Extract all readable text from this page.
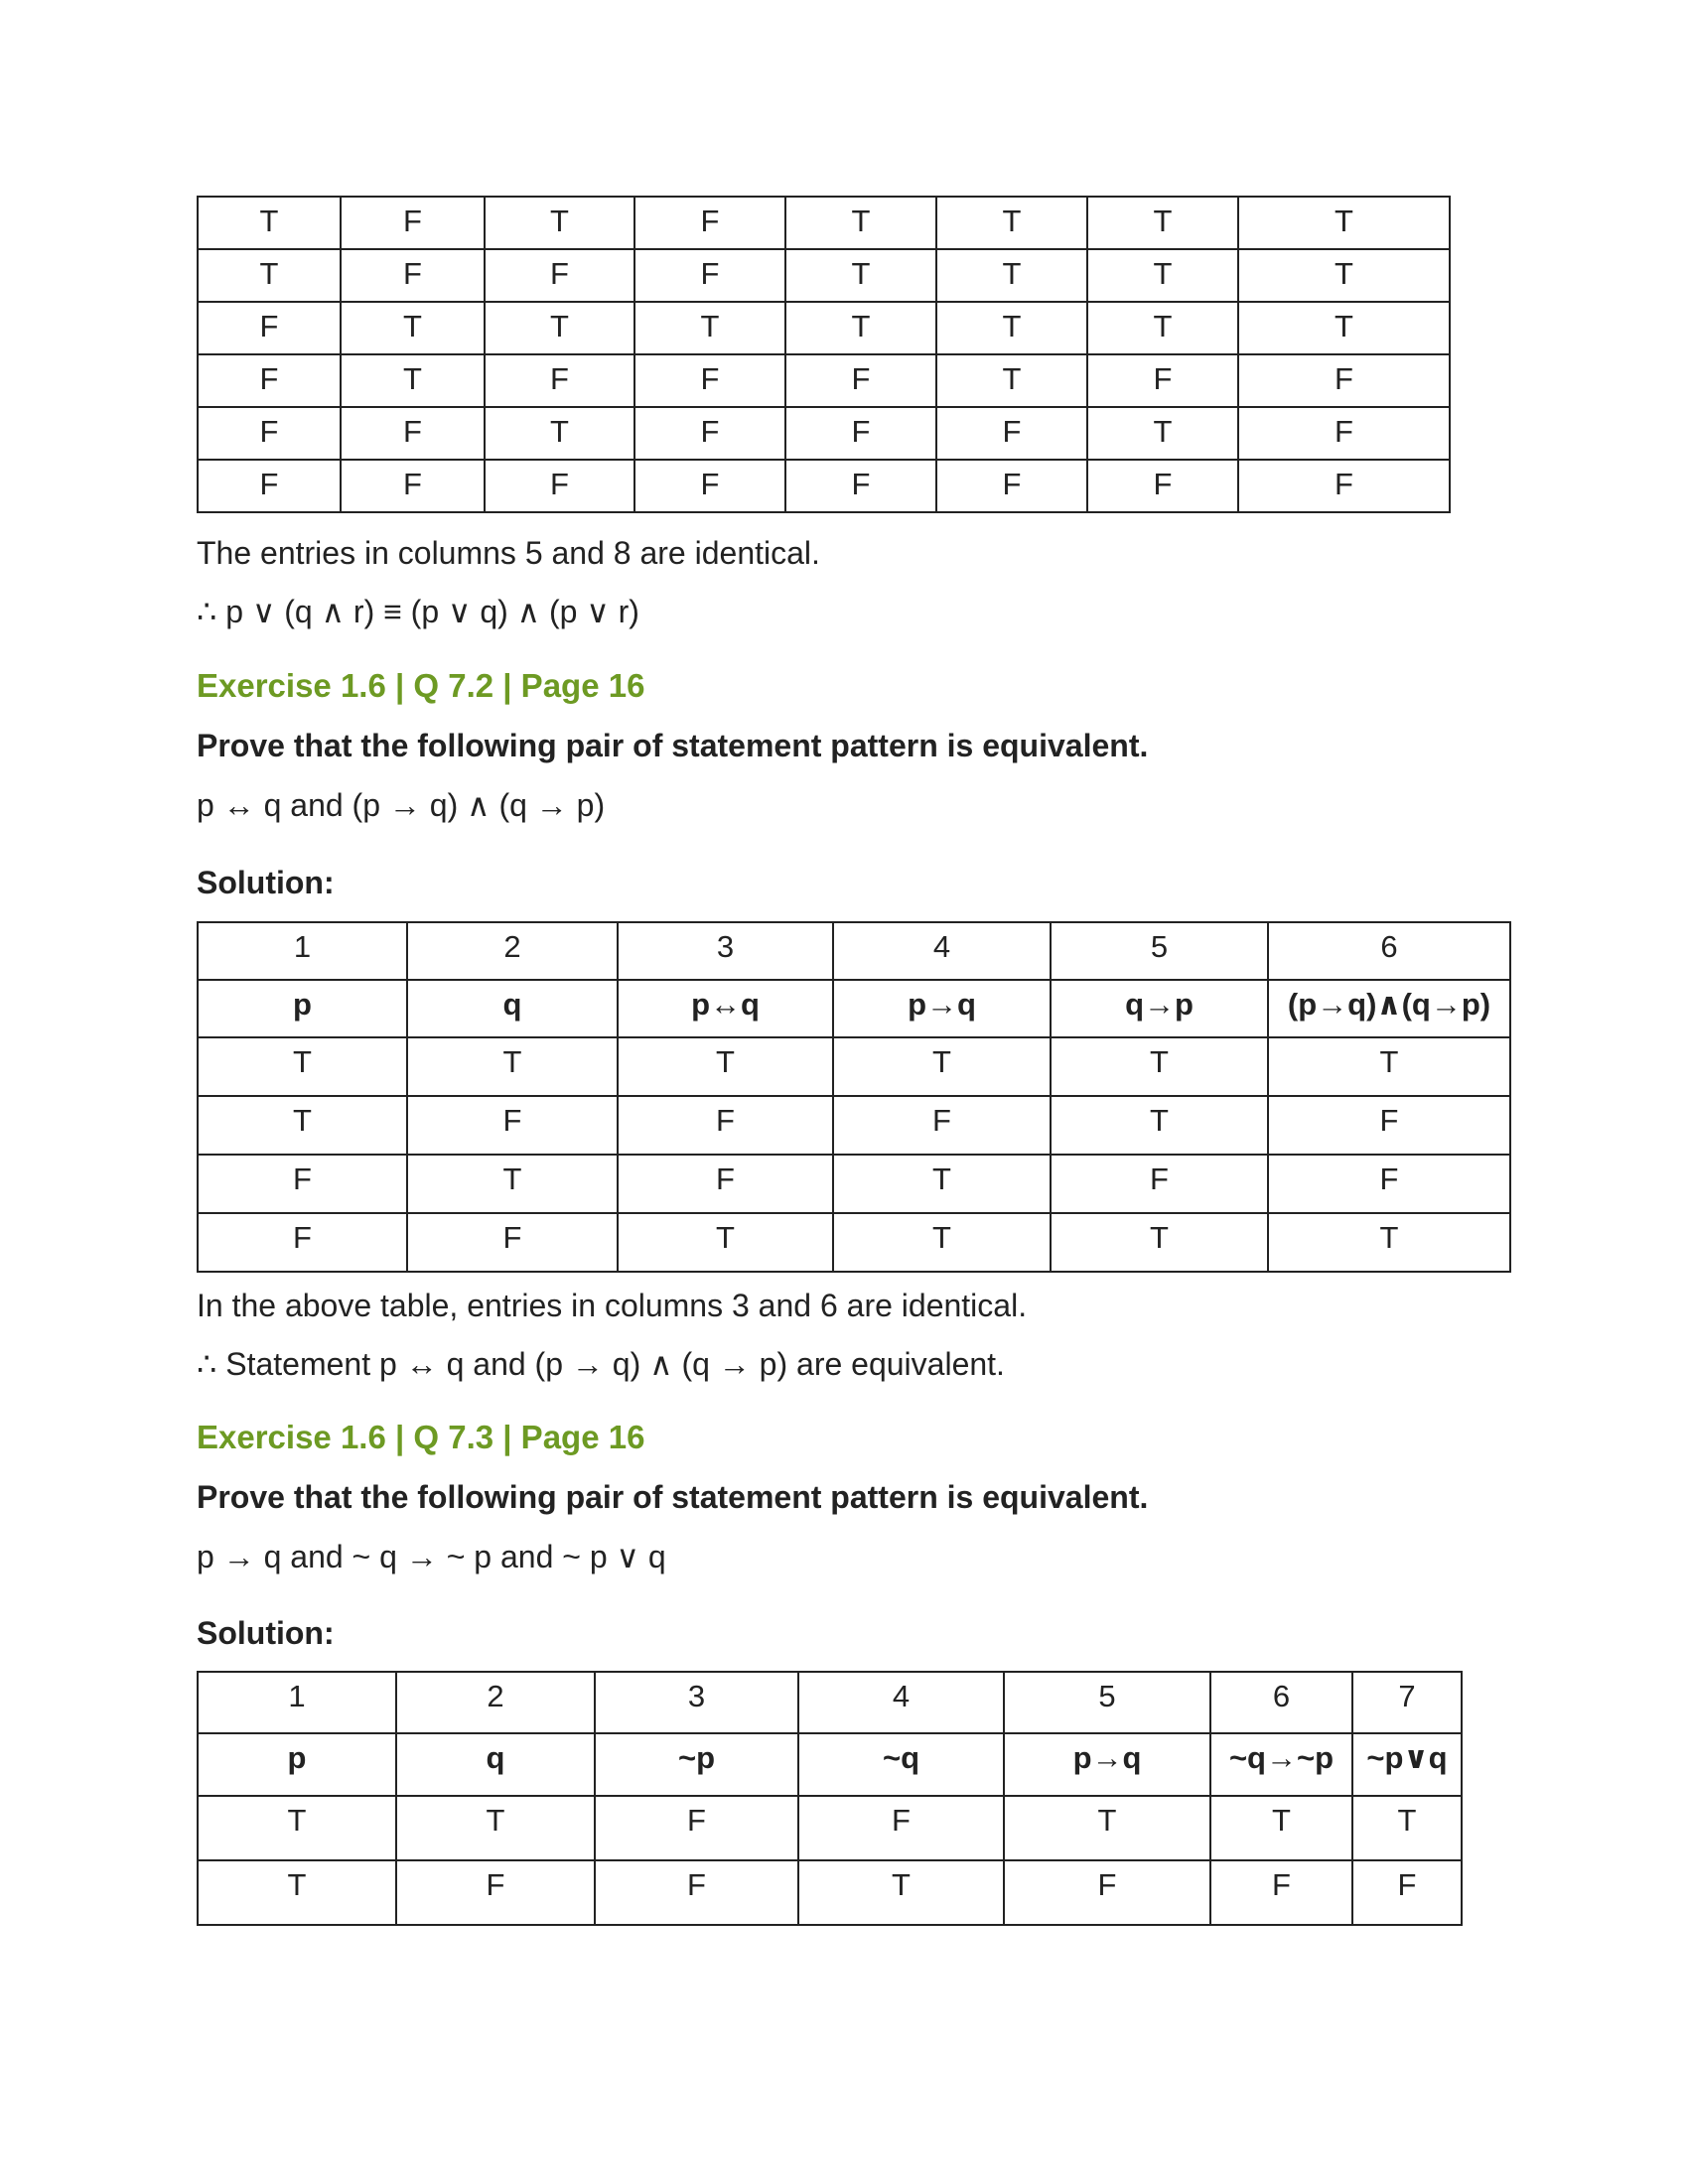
T	F	T	F	T	T	T	T
T	F	F	F	T	T	T	T
F	T	T	T	T	T	T	T
F	T	F	F	F	T	F	F
F	F	T	F	F	F	T	F
F	F	F	F	F	F	F	F
The entries in columns 5 and 8 are identical.
∴ p ∨ (q ∧ r) ≡ (p ∨ q) ∧ (p ∨ r)
Exercise 1.6 | Q 7.2 | Page 16
Prove that the following pair of statement pattern is equivalent.
p ↔ q and (p → q) ∧ (q → p)
Solution:
1	2	3	4	5	6
p	q	p↔q	p→q	q→p	(p→q)∧(q→p)
T	T	T	T	T	T
T	F	F	F	T	F
F	T	F	T	F	F
F	F	T	T	T	T
In the above table, entries in columns 3 and 6 are identical.
∴ Statement p ↔ q and (p → q) ∧ (q → p) are equivalent.
Exercise 1.6 | Q 7.3 | Page 16
Prove that the following pair of statement pattern is equivalent.
p → q and ~ q → ~ p and ~ p ∨ q
Solution:
1	2	3	4	5	6	7
p	q	~p	~q	p→q	~q→~p	~p∨q
T	T	F	F	T	T	T
T	F	F	T	F	F	F
